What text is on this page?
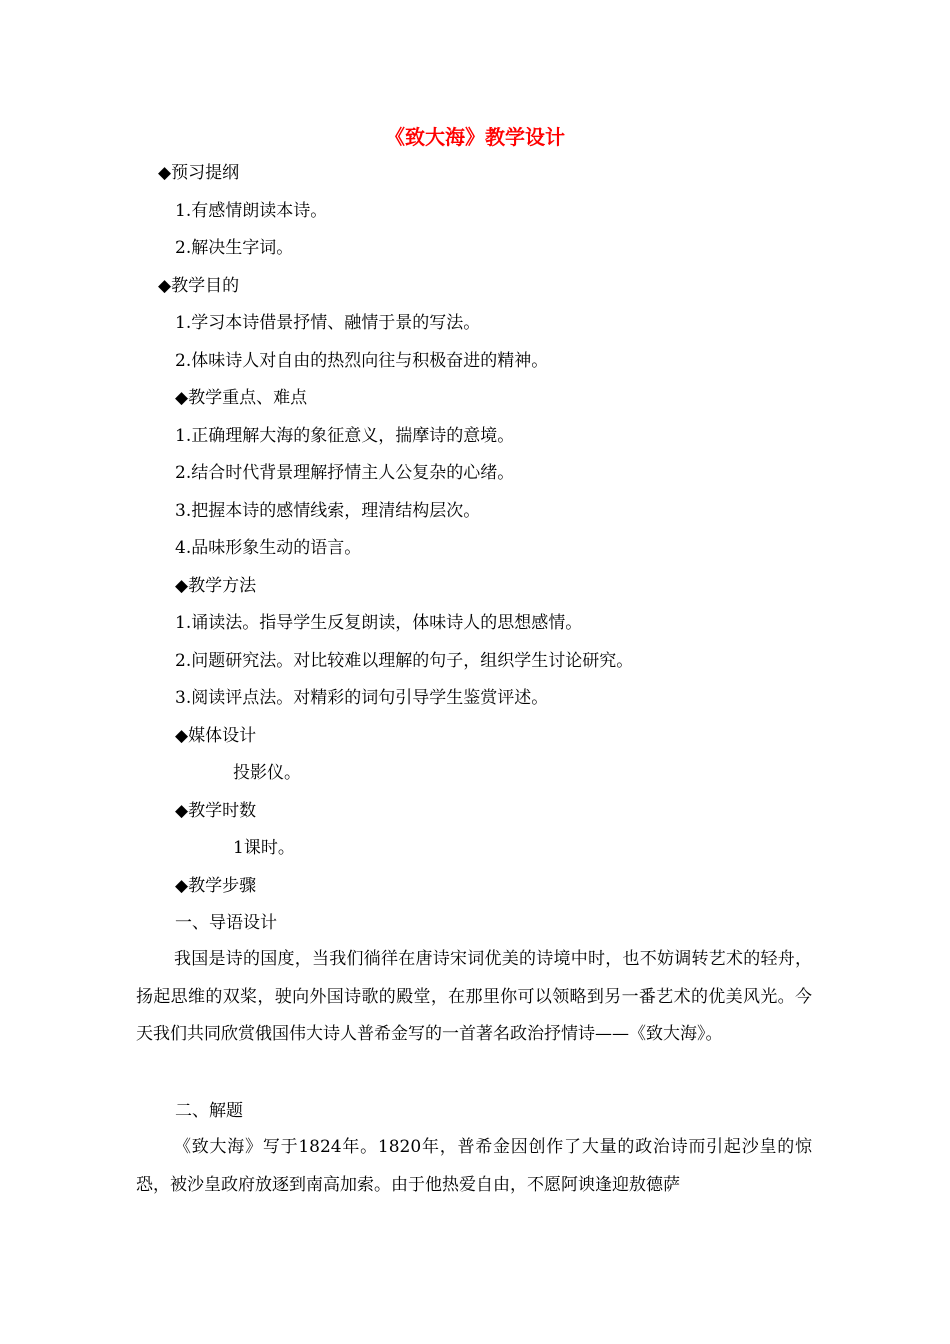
《致大海》教学设计
◆预习提纲
1.有感情朗读本诗。
2.解决生字词。
◆教学目的
1.学习本诗借景抒情、融情于景的写法。
2.体味诗人对自由的热烈向往与积极奋进的精神。
◆教学重点、难点
1.正确理解大海的象征意义，揣摩诗的意境。
2.结合时代背景理解抒情主人公复杂的心绪。
3.把握本诗的感情线索，理清结构层次。
4.品味形象生动的语言。
◆教学方法
1.诵读法。指导学生反复朗读，体味诗人的思想感情。
2.问题研究法。对比较难以理解的句子，组织学生讨论研究。
3.阅读评点法。对精彩的词句引导学生鉴赏评述。
◆媒体设计
投影仪。
◆教学时数
1课时。
◆教学步骤
一、导语设计

我国是诗的国度，当我们徜徉在唐诗宋词优美的诗境中时，也不妨调转艺术的轻舟，扬起思维的双桨，驶向外国诗歌的殿堂，在那里你可以领略到另一番艺术的优美风光。今天我们共同欣赏俄国伟大诗人普希金写的一首著名政治抒情诗——《致大海》。

二、解题

《致大海》写于1824年。1820年，普希金因创作了大量的政治诗而引起沙皇的惊恐，被沙皇政府放逐到南高加索。由于他热爱自由，不愿阿谀逢迎敖德萨
